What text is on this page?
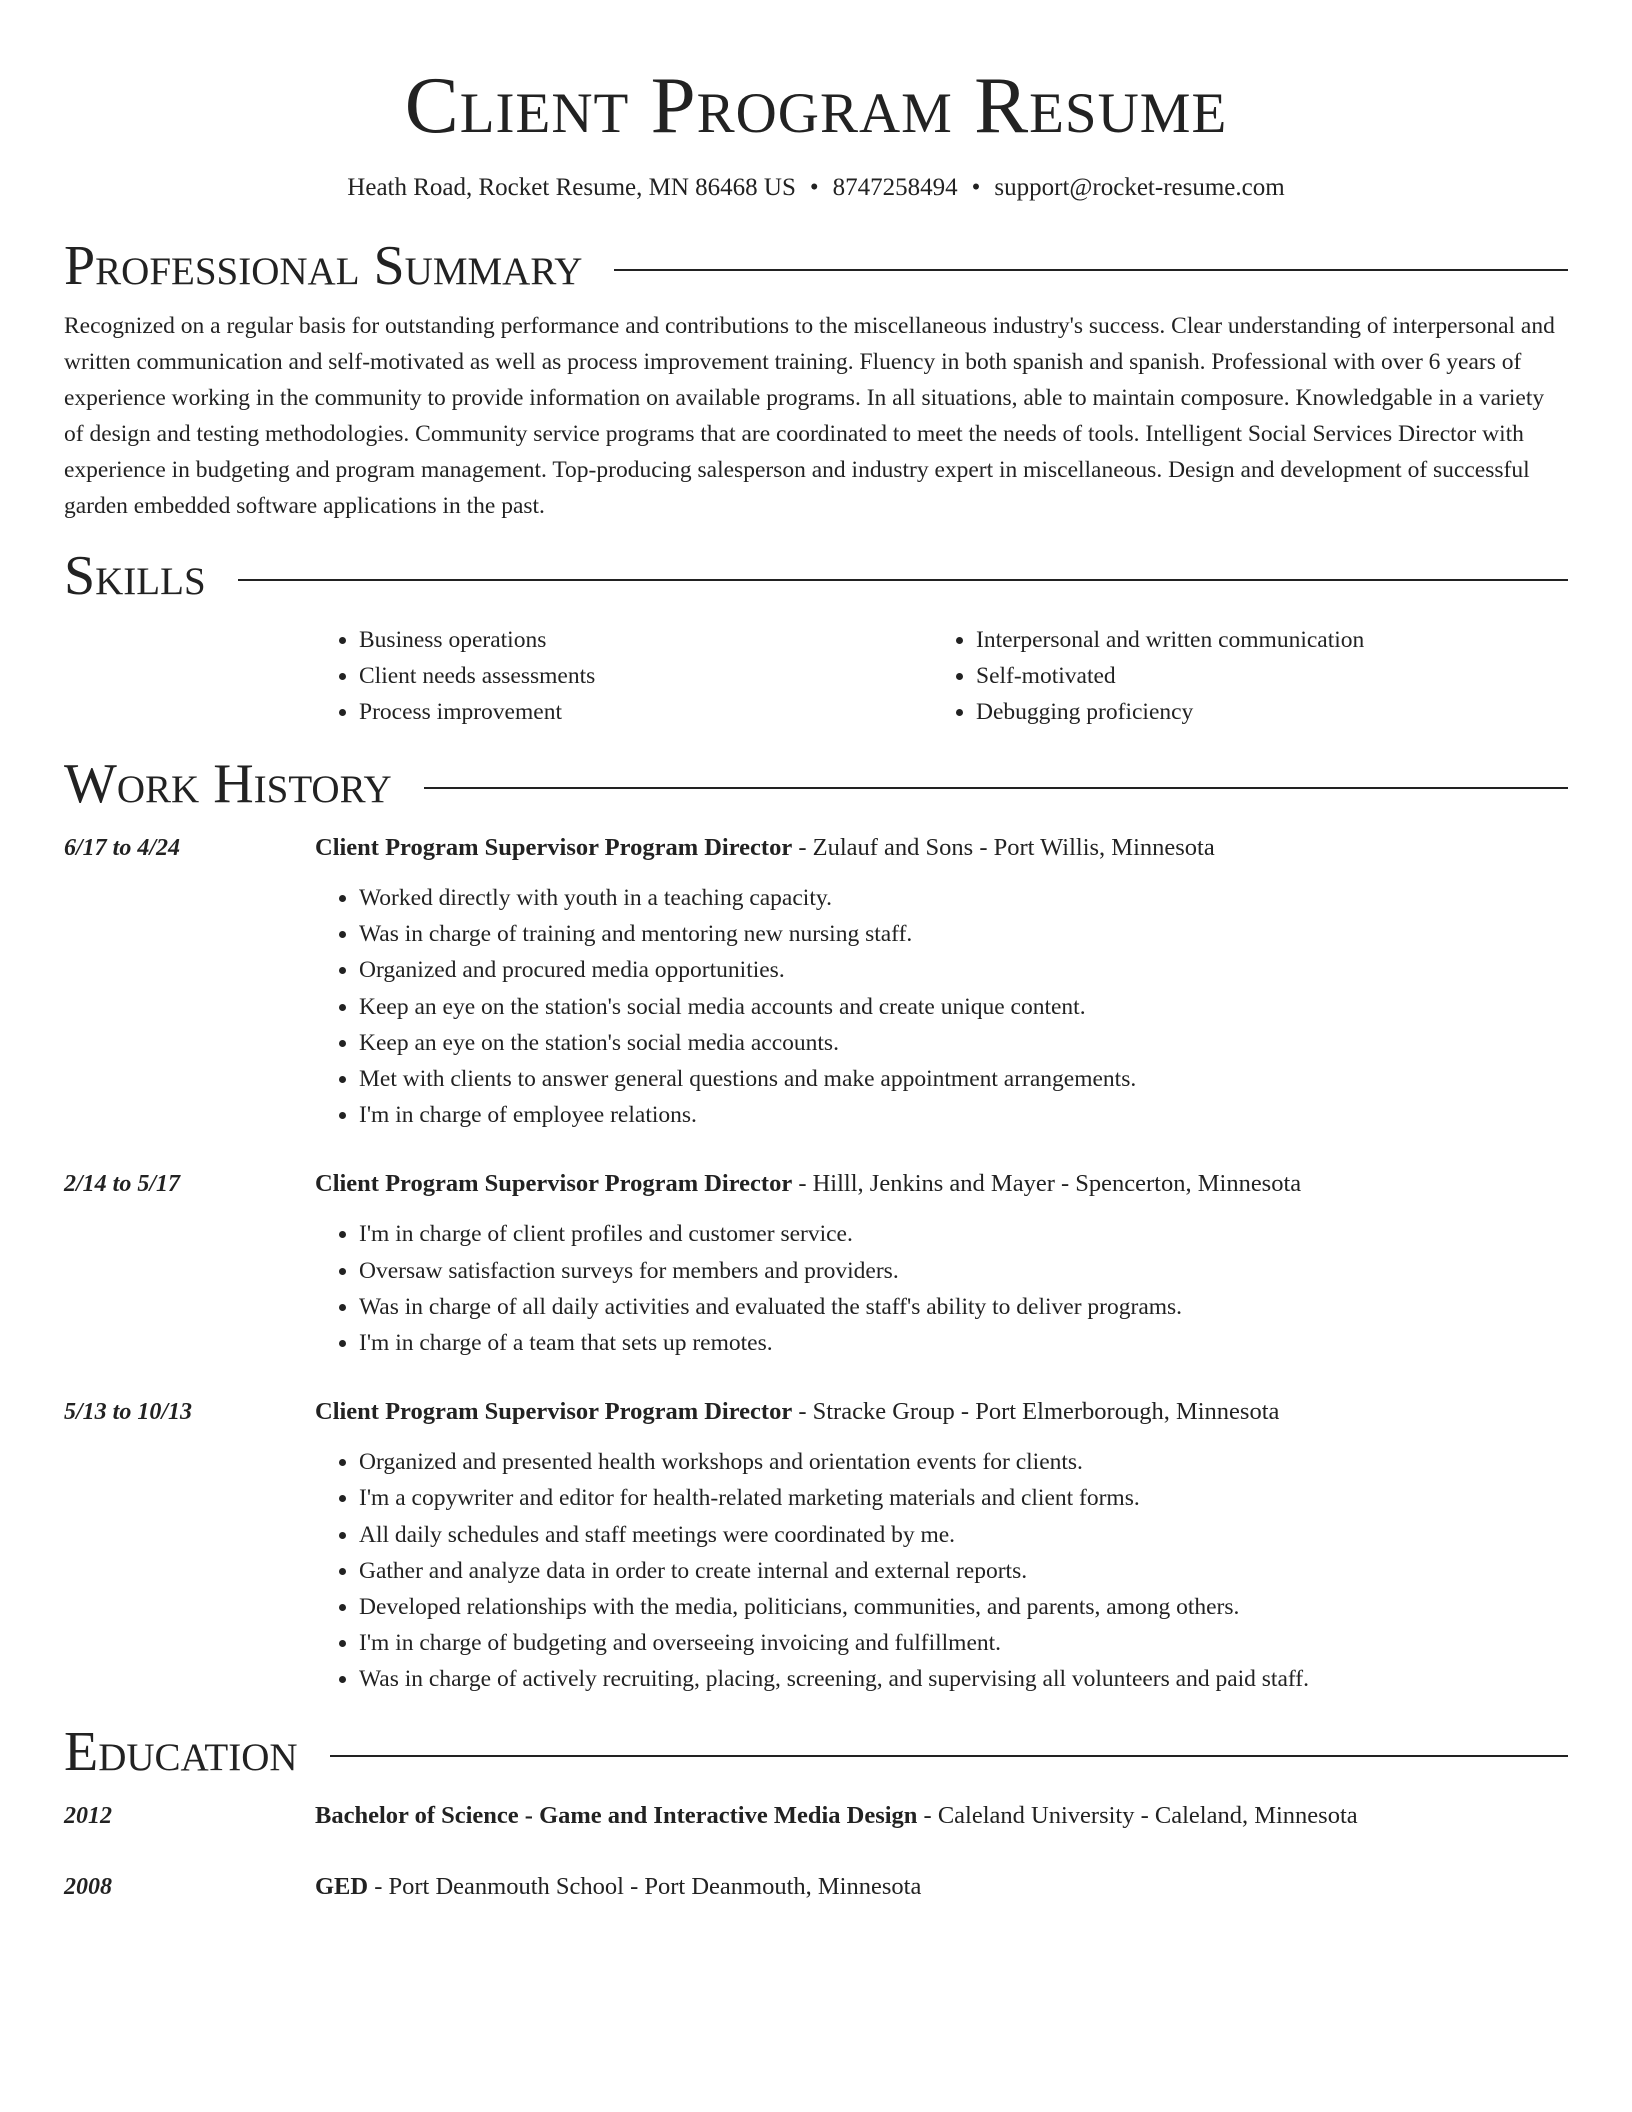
Client Program Resume
Heath Road, Rocket Resume, MN 86468 US • 8747258494 • support@rocket-resume.com
Professional Summary

Recognized on a regular basis for outstanding performance and contributions to the miscellaneous industry's success. Clear understanding of interpersonal and written communication and self-motivated as well as process improvement training. Fluency in both spanish and spanish. Professional with over 6 years of experience working in the community to provide information on available programs. In all situations, able to maintain composure. Knowledgable in a variety of design and testing methodologies. Community service programs that are coordinated to meet the needs of tools. Intelligent Social Services Director with experience in budgeting and program management. Top-producing salesperson and industry expert in miscellaneous. Design and development of successful garden embedded software applications in the past.

Skills
• Business operations
• Client needs assessments
• Process improvement
• Interpersonal and written communication
• Self-motivated
• Debugging proficiency
Work History
6/17 to 4/24	Client Program Supervisor Program Director - Zulauf and Sons - Port Willis, Minnesota

• Worked directly with youth in a teaching capacity.
• Was in charge of training and mentoring new nursing staff.
• Organized and procured media opportunities.
• Keep an eye on the station's social media accounts and create unique content.
• Keep an eye on the station's social media accounts.
• Met with clients to answer general questions and make appointment arrangements.
• I'm in charge of employee relations.
2/14 to 5/17	Client Program Supervisor Program Director - Hilll, Jenkins and Mayer - Spencerton, Minnesota

• I'm in charge of client profiles and customer service.
• Oversaw satisfaction surveys for members and providers.
• Was in charge of all daily activities and evaluated the staff's ability to deliver programs.
• I'm in charge of a team that sets up remotes.
5/13 to 10/13	Client Program Supervisor Program Director - Stracke Group - Port Elmerborough, Minnesota

• Organized and presented health workshops and orientation events for clients.
• I'm a copywriter and editor for health-related marketing materials and client forms.
• All daily schedules and staff meetings were coordinated by me.
• Gather and analyze data in order to create internal and external reports.
• Developed relationships with the media, politicians, communities, and parents, among others.
• I'm in charge of budgeting and overseeing invoicing and fulfillment.
• Was in charge of actively recruiting, placing, screening, and supervising all volunteers and paid staff.
Education
2012	Bachelor of Science - Game and Interactive Media Design - Caleland University - Caleland, Minnesota

2008	GED - Port Deanmouth School - Port Deanmouth, Minnesota
